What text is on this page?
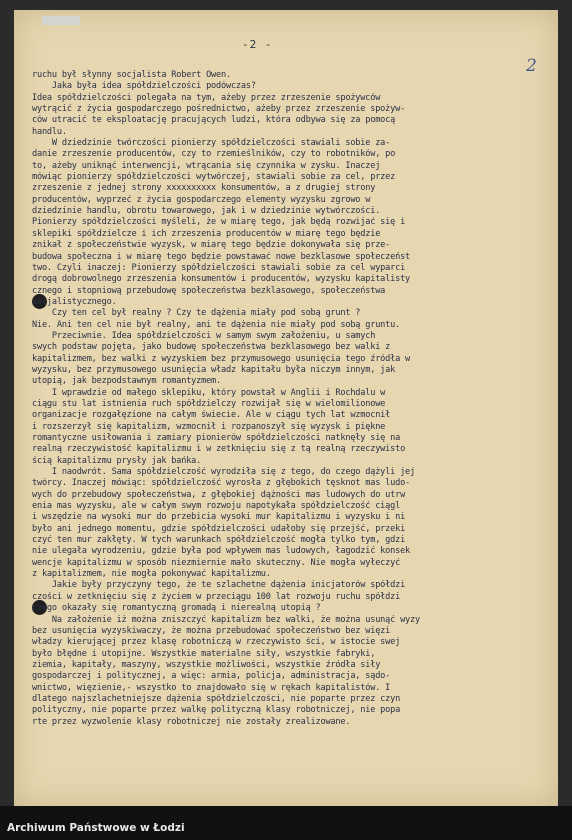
-2 -
2
ruchu był słynny socjalista Robert Owen.
Jaka była idea spółdzielczości podówczas?
Idea spółdzielczości polegała na tym, ażeby przez zrzeszenie spożywców
wytrącić z życia gospodarczego pośrednictwo, ażeby przez zrzeszenie spożyw-
ców utracić te eksploatację pracujących ludzi, która odbywa się za pomocą
handlu.
W dziedzinie twórczości pionierzy spółdzielczości stawiali sobie za-
danie zrzeszenie producentów, czy to rzemieślników, czy to robotników, po
to, ażeby uniknąć interwencji, wtrącania się czynnika w zysku. Inaczej
mówiąc pionierzy spółdzielczości wytwórczej, stawiali sobie za cel, przez
zrzeszenie z jednej strony xxxxxxxxxx konsumentów, a z drugiej strony
producentów, wyprzeć z życia gospodarczego elementy wyzysku zgrowo w
dziedzinie handlu, obrotu towarowego, jak i w dziedzinie wytwórczości.
Pionierzy spółdzielczości myśleli, że w miarę tego, jak będą rozwijać się i
sklepiki spółdzielcze i ich zrzeszenia producentów w miarę tego będzie
znikał z społeczeństwie wyzysk, w miarę tego będzie dokonywała się prze-
budowa społeczna i w miarę tego będzie powstawać nowe bezklasowe społeczeńst
two. Czyli inaczej: Pionierzy spółdzielczości stawiali sobie za cel wyparci
drogą dobrowolnego zrzeszenia konsumentów i producentów, wyzysku kapitalisty
cznego i stopniową przebudowę społeczeństwa bezklasowego, społeczeństwa
socjalistycznego.
Czy ten cel był realny ? Czy te dążenia miały pod sobą grunt ?
Nie. Ani ten cel nie był realny, ani te dążenia nie miały pod sobą gruntu.
Przeciwnie. Idea spółdzielczości w samym swym założeniu, u samych
swych podstaw pojęta, jako budowę społeczeństwa bezklasowego bez walki z
kapitalizmem, bez walki z wyzyskiem bez przymusowego usunięcia tego źródła w
wyzysku, bez przymusowego usunięcia władz kapitału była niczym innym, jak
utopią, jak bezpodstawnym romantyzmem.
I wprawdzie od małego sklepiku, który powstał w Anglii i Rochdalu w
ciągu stu lat istnienia ruch spółdzielczy rozwijał się w wielomilionowe
organizacje rozgałęzione na całym świecie. Ale w ciągu tych lat wzmocnił
i rozszerzył się kapitalizm, wzmocnił i rozpanoszył się wyzysk i piękne
romantyczne usiłowania i zamiary pionierów spółdzielczości natknęły się na
realną rzeczywistość kapitalizmu i w zetknięciu się z tą realną rzeczywisto
ścią kapitalizmu prysły jak bańka.
I naodwrót. Sama spółdzielczość wyrodziła się z tego, do czego dążyli jej
twórcy. Inaczej mówiąc: spółdzielczość wyrosła z głębokich tęsknot mas ludo-
wych do przebudowy społeczeństwa, z głębokiej dążności mas ludowych do utrw
enia mas wyzysku, ale w całym swym rozwoju napotykała spółdzielczość ciągl
i wszędzie na wysoki mur do przebicia wysoki mur kapitalizmu i wyzysku i ni
było ani jednego momentu, gdzie spółdzielczości udałoby się przejść, przeki
czyć ten mur zakłęty. W tych warunkach spółdzielczość mogła tylko tym, gdzi
nie ulegała wyrodzeniu, gdzie była pod wpływem mas ludowych, łagodzić konsek
wencje kapitalizmu w sposób niezmiernie mało skuteczny. Nie mogła wyłeczyć
z kapitalizmem, nie mogła pokonywać kapitalizmu.
Jakie były przyczyny tego, że te szlachetne dążenia inicjatorów spółdzi
czości w zetknięciu się z życiem w przeciągu 100 lat rozwoju ruchu spółdzi
czego okazały się romantyczną gromadą i nierealną utopią ?
Na założenie iż można zniszczyć kapitalizm bez walki, że można usunąć wyzy
bez usunięcia wyzyskiwaczy, że można przebudować społeczeństwo bez więzi
władzy kierującej przez klasę robotniczą w rzeczywisto ści, w istocie swej
było błędne i utopijne. Wszystkie materialne siły, wszystkie fabryki,
ziemia, kapitały, maszyny, wszystkie możliwości, wszystkie źródła siły
gospodarczej i politycznej, a więc: armia, policja, administracja, sądo-
wnictwo, więzienie,- wszystko to znajdowało się w rękach kapitalistów. I
dlatego najszlachetniejsze dążenia spółdzielczości, nie poparte przez czyn
polityczny, nie poparte przez walkę polityczną klasy robotniczej, nie popa
rte przez wyzwolenie klasy robotniczej nie zostały zrealizowane.
Archiwum Państwowe w Łodzi
